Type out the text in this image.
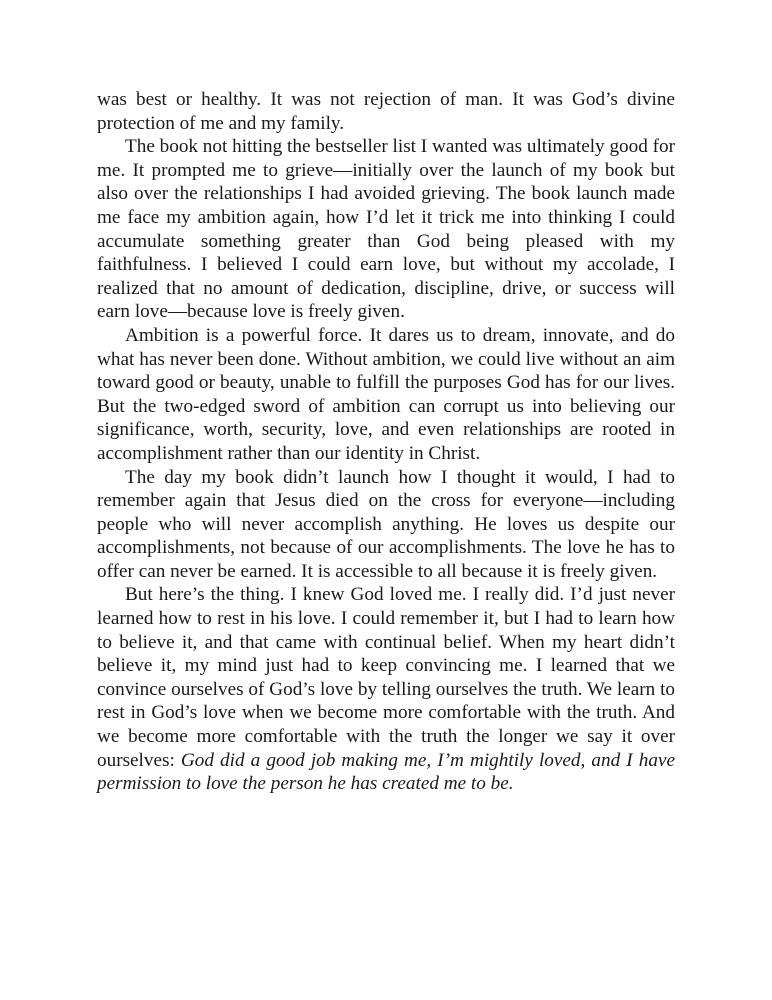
was best or healthy. It was not rejection of man. It was God’s divine protection of me and my family.

The book not hitting the bestseller list I wanted was ultimately good for me. It prompted me to grieve—initially over the launch of my book but also over the relationships I had avoided grieving. The book launch made me face my ambition again, how I’d let it trick me into thinking I could accumulate something greater than God being pleased with my faithfulness. I believed I could earn love, but without my accolade, I realized that no amount of dedication, discipline, drive, or success will earn love—because love is freely given.

Ambition is a powerful force. It dares us to dream, innovate, and do what has never been done. Without ambition, we could live without an aim toward good or beauty, unable to fulfill the purposes God has for our lives. But the two-edged sword of ambition can corrupt us into believing our significance, worth, security, love, and even relationships are rooted in accomplishment rather than our identity in Christ.

The day my book didn’t launch how I thought it would, I had to remember again that Jesus died on the cross for everyone—including people who will never accomplish anything. He loves us despite our accomplishments, not because of our accomplishments. The love he has to offer can never be earned. It is accessible to all because it is freely given.

But here’s the thing. I knew God loved me. I really did. I’d just never learned how to rest in his love. I could remember it, but I had to learn how to believe it, and that came with continual belief. When my heart didn’t believe it, my mind just had to keep convincing me. I learned that we convince ourselves of God’s love by telling ourselves the truth. We learn to rest in God’s love when we become more comfortable with the truth. And we become more comfortable with the truth the longer we say it over ourselves: God did a good job making me, I’m mightily loved, and I have permission to love the person he has created me to be.
